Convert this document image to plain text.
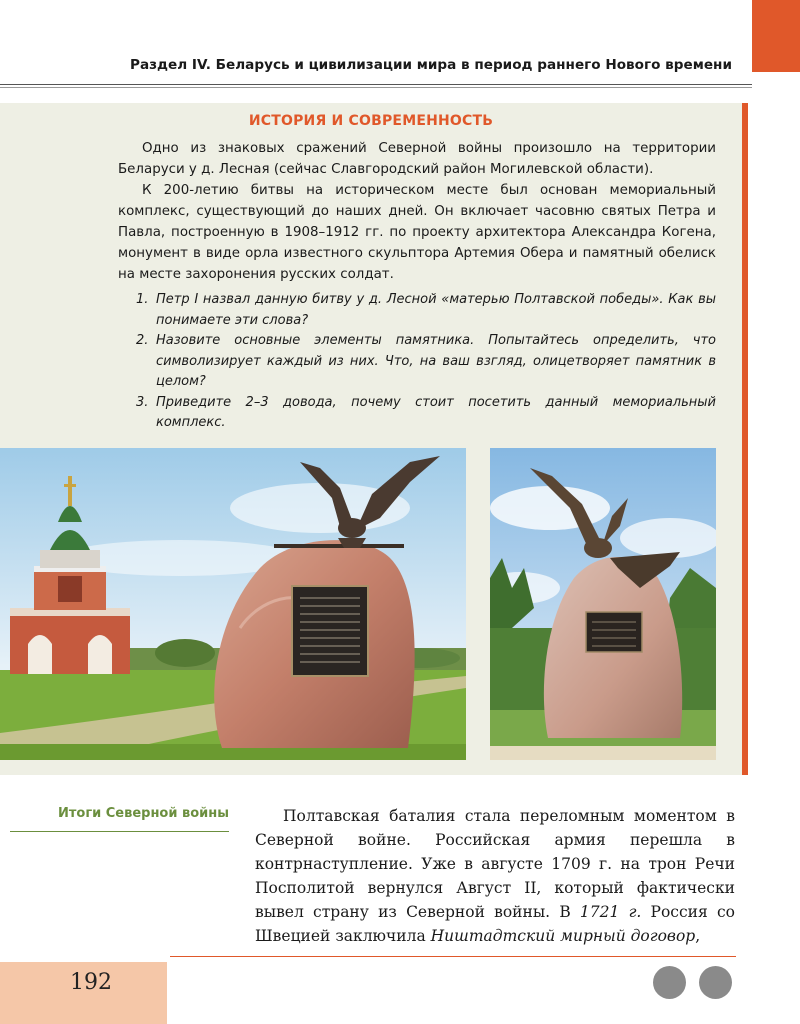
Раздел IV. Беларусь и цивилизации мира в период раннего Нового времени
ИСТОРИЯ И СОВРЕМЕННОСТЬ

Одно из знаковых сражений Северной войны произошло на территории Беларуси у д. Лесная (сейчас Славгородский район Могилевской области).

К 200-летию битвы на историческом месте был основан мемориальный комплекс, существующий до наших дней. Он включает часовню святых Петра и Павла, построенную в 1908–1912 гг. по проекту архитектора Александра Когена, монумент в виде орла известного скульптора Артемия Обера и памятный обелиск на месте захоронения русских солдат.

1. Петр I назвал данную битву у д. Лесной «матерью Полтавской победы». Как вы понимаете эти слова?
2. Назовите основные элементы памятника. Попытайтесь определить, что символизирует каждый из них. Что, на ваш взгляд, олицетворяет памятник в целом?
3. Приведите 2–3 довода, почему стоит посетить данный мемориальный комплекс.
Итоги Северной войны	Полтавская баталия стала переломным моментом в Северной войне. Российская армия перешла в контрнаступление. Уже в августе 1709 г. на трон Речи Посполитой вернулся Август II, который фактически вывел страну из Северной войны. В 1721 г. Россия со Швецией заключила Ништадтский мирный договор,

192
